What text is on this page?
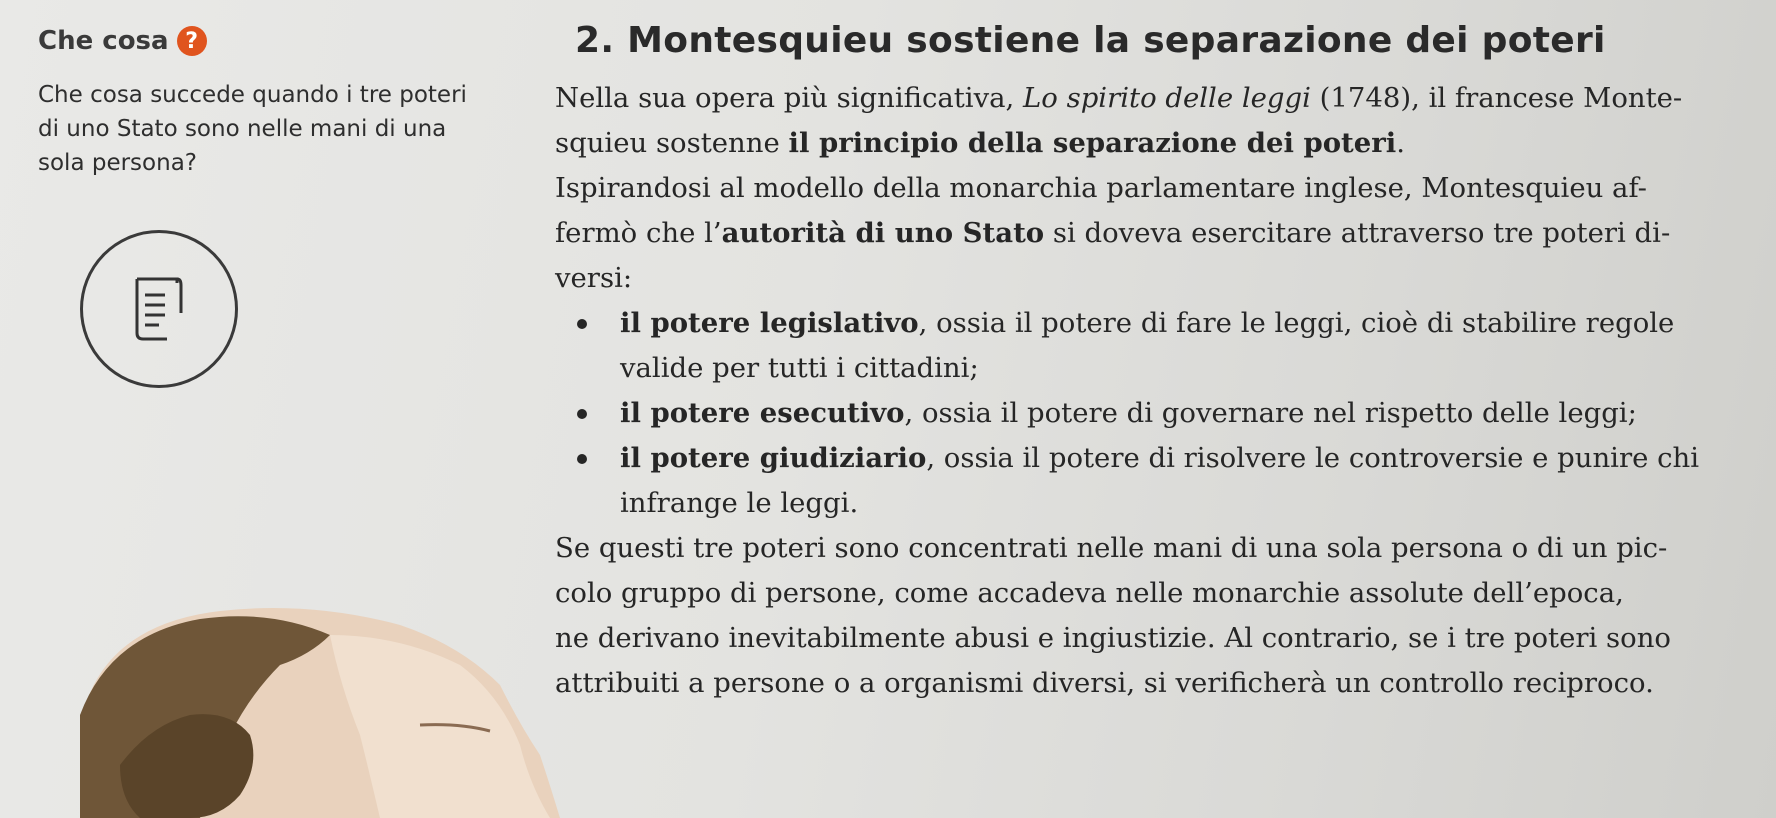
Che cosa ?
Che cosa succede quando i tre poteri di uno Stato sono nelle mani di una sola persona?
2. Montesquieu sostiene la separazione dei poteri
Nella sua opera più significativa, Lo spirito delle leggi (1748), il francese Monte-
squieu sostenne il principio della separazione dei poteri.
Ispirandosi al modello della monarchia parlamentare inglese, Montesquieu af-
fermò che l’autorità di uno Stato si doveva esercitare attraverso tre poteri di-
versi:
il potere legislativo, ossia il potere di fare le leggi, cioè di stabilire regole
valide per tutti i cittadini;
il potere esecutivo, ossia il potere di governare nel rispetto delle leggi;
il potere giudiziario, ossia il potere di risolvere le controversie e punire chi
infrange le leggi.
Se questi tre poteri sono concentrati nelle mani di una sola persona o di un pic-
colo gruppo di persone, come accadeva nelle monarchie assolute dell’epoca,
ne derivano inevitabilmente abusi e ingiustizie. Al contrario, se i tre poteri sono
attribuiti a persone o a organismi diversi, si verificherà un controllo reciproco.
